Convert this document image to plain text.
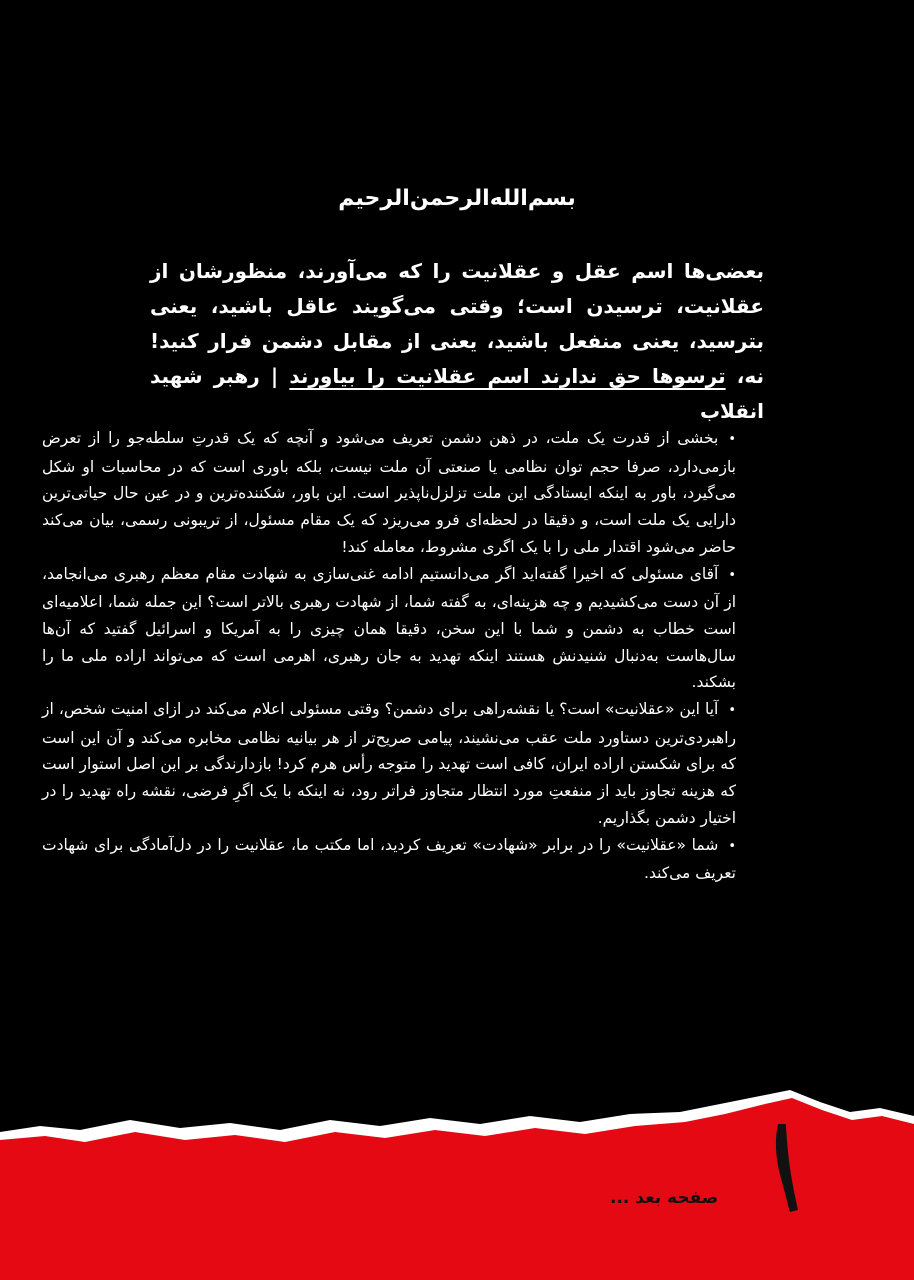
بسم‌الله‌الرحمن‌الرحیم
بعضی‌ها اسم عقل و عقلانیت را که می‌آورند، منظورشان از عقلانیت، ترسیدن است؛ وقتی می‌گویند عاقل باشید، یعنی بترسید، یعنی منفعل باشید، یعنی از مقابل دشمن فرار کنید! نه، ترسوها حق ندارند اسم عقلانیت را بیاورند | رهبر شهید انقلاب
•بخشی از قدرت یک ملت، در ذهن دشمن تعریف می‌شود و آنچه که یک قدرتِ سلطه‌جو را از تعرض بازمی‌دارد، صرفا حجم توان نظامی یا صنعتی آن ملت نیست، بلکه باوری است که در محاسبات او شکل می‌گیرد، باور به اینکه ایستادگی این ملت تزلزل‌ناپذیر است. این باور، شکننده‌ترین و در عین حال حیاتی‌ترین دارایی یک ملت است، و دقیقا در لحظه‌ای فرو می‌ریزد که یک مقام مسئول، از تریبونی رسمی، بیان می‌کند حاضر می‌شود اقتدار ملی را با یک اگری مشروط، معامله کند!
•آقای مسئولی که اخیرا گفته‌اید اگر می‌دانستیم ادامه غنی‌سازی به شهادت مقام معظم رهبری می‌انجامد، از آن دست می‌کشیدیم و چه هزینه‌ای، به گفته شما، از شهادت رهبری بالاتر است؟ این جمله شما، اعلامیه‌ای است خطاب به دشمن و شما با این سخن، دقیقا همان چیزی را به آمریکا و اسرائیل گفتید که آن‌ها سال‌هاست به‌دنبال شنیدنش هستند اینکه تهدید به جان رهبری، اهرمی است که می‌تواند اراده ملی ما را بشکند.
•آیا این «عقلانیت» است؟ یا نقشه‌راهی برای دشمن؟ وقتی مسئولی اعلام می‌کند در ازای امنیت شخص، از راهبردی‌ترین دستاورد ملت عقب می‌نشیند، پیامی صریح‌تر از هر بیانیه نظامی مخابره می‌کند و آن این است که برای شکستن اراده ایران، کافی است تهدید را متوجه رأس هرم کرد! بازدارندگی بر این اصل استوار است که هزینه تجاوز باید از منفعتِ مورد انتظار متجاوز فراتر رود، نه اینکه با یک اگرِ فرضی، نقشه راه تهدید را در اختیار دشمن بگذاریم.
•شما «عقلانیت» را در برابر «شهادت» تعریف کردید، اما مکتب ما، عقلانیت را در دل‌آمادگی برای شهادت تعریف می‌کند.
صفحه بعد ...
